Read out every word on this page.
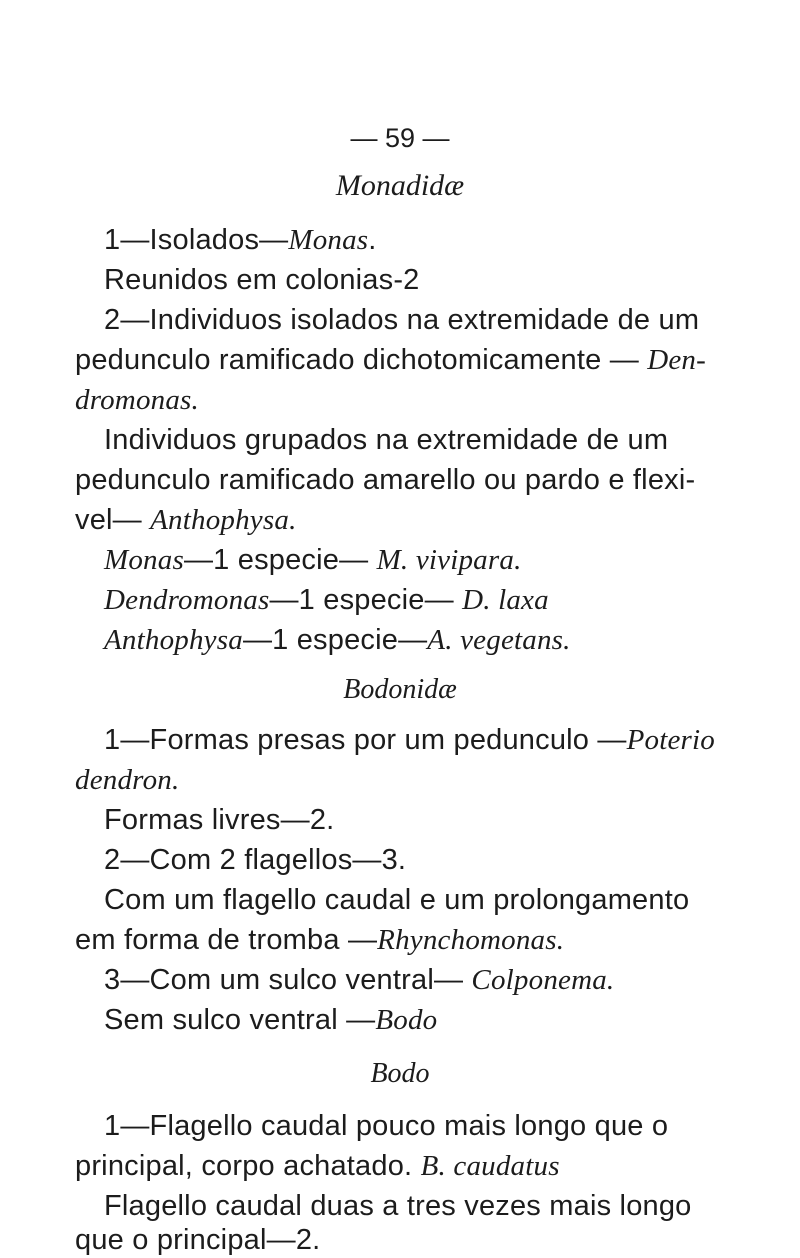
— 59 —
Monadidæ
1—Isolados—Monas.
Reunidos em colonias-2
2—Individuos isolados na extremidade de um
pedunculo ramificado dichotomicamente — Den-
dromonas.
Individuos grupados na extremidade de um
pedunculo ramificado amarello ou pardo e flexi-
vel— Anthophysa.
Monas—1 especie— M. vivipara.
Dendromonas—1 especie— D. laxa
Anthophysa—1 especie—A. vegetans.
Bodonidæ
1—Formas presas por um pedunculo —Poterio
dendron.
Formas livres—2.
2—Com 2 flagellos—3.
Com um flagello caudal e um prolongamento
em forma de tromba —Rhynchomonas.
3—Com um sulco ventral— Colponema.
Sem sulco ventral —Bodo
Bodo
1—Flagello caudal pouco mais longo que o
principal, corpo achatado. B. caudatus
Flagello caudal duas a tres vezes mais longo
que o principal—2.
